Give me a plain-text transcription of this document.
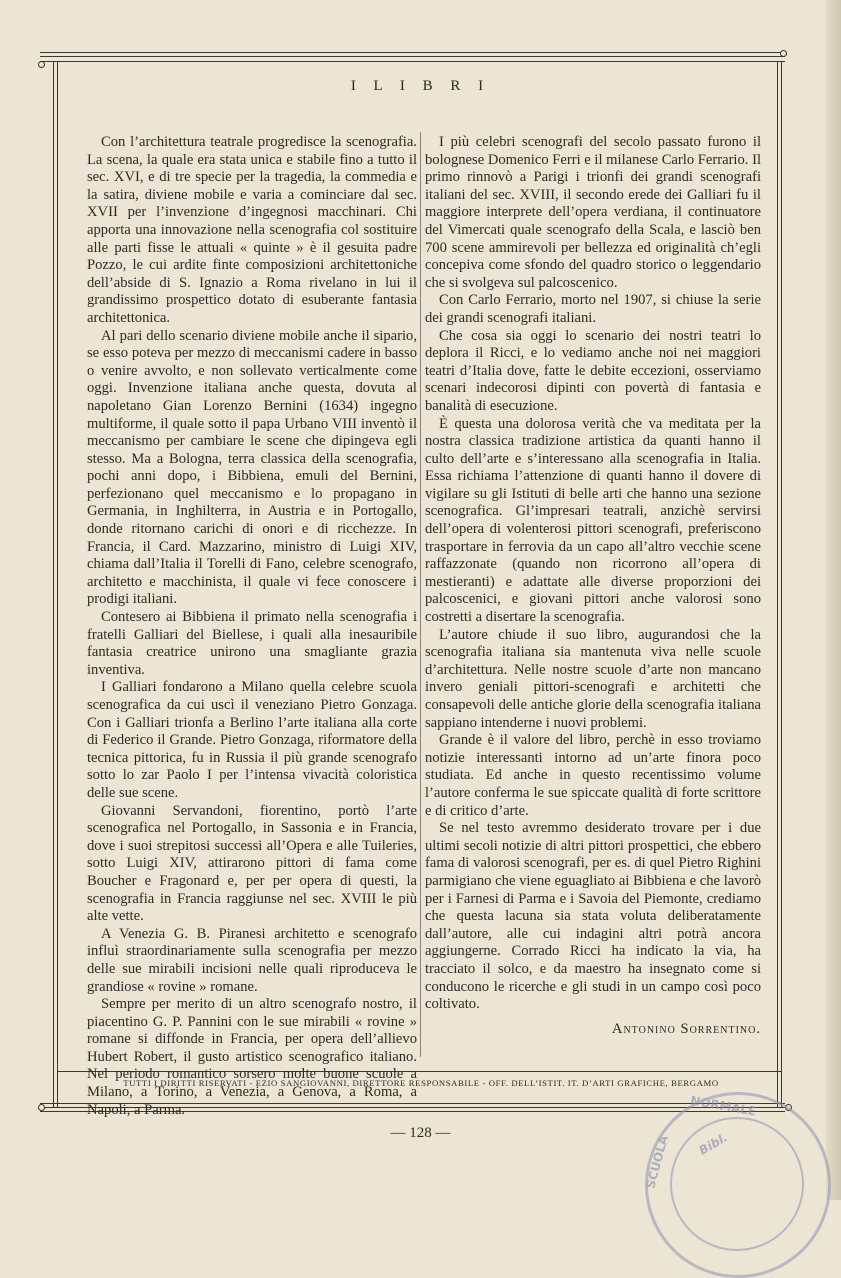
I L I B R I

Con l’architettura teatrale progredisce la scenografia. La scena, la quale era stata unica e stabile fino a tutto il sec. XVI, e di tre specie per la tragedia, la commedia e la satira, diviene mobile e varia a cominciare dal sec. XVII per l’invenzione d’ingegnosi macchinari. Chi apporta una innovazione nella scenografia col sostituire alle parti fisse le attuali « quinte » è il gesuita padre Pozzo, le cui ardite finte composizioni architettoniche dell’abside di S. Ignazio a Roma rivelano in lui il grandissimo prospettico dotato di esuberante fantasia architettonica.

Al pari dello scenario diviene mobile anche il sipario, se esso poteva per mezzo di meccanismi cadere in basso o venire avvolto, e non sollevato verticalmente come oggi. Invenzione italiana anche questa, dovuta al napoletano Gian Lorenzo Bernini (1634) ingegno multiforme, il quale sotto il papa Urbano VIII inventò il meccanismo per cambiare le scene che dipingeva egli stesso. Ma a Bologna, terra classica della scenografia, pochi anni dopo, i Bibbiena, emuli del Bernini, perfezionano quel meccanismo e lo propagano in Germania, in Inghilterra, in Austria e in Portogallo, donde ritornano carichi di onori e di ricchezze. In Francia, il Card. Mazzarino, ministro di Luigi XIV, chiama dall’Italia il Torelli di Fano, celebre scenografo, architetto e macchinista, il quale vi fece conoscere i prodigi italiani.

Contesero ai Bibbiena il primato nella scenografia i fratelli Galliari del Biellese, i quali alla inesauribile fantasia creatrice unirono una smagliante grazia inventiva.

I Galliari fondarono a Milano quella celebre scuola scenografica da cui uscì il veneziano Pietro Gonzaga. Con i Galliari trionfa a Berlino l’arte italiana alla corte di Federico il Grande. Pietro Gonzaga, riformatore della tecnica pittorica, fu in Russia il più grande scenografo sotto lo zar Paolo I per l’intensa vivacità coloristica delle sue scene.

Giovanni Servandoni, fiorentino, portò l’arte scenografica nel Portogallo, in Sassonia e in Francia, dove i suoi strepitosi successi all’Opera e alle Tuileries, sotto Luigi XIV, attirarono pittori di fama come Boucher e Fragonard e, per per opera di questi, la scenografia in Francia raggiunse nel sec. XVIII le più alte vette.

A Venezia G. B. Piranesi architetto e scenografo influì straordinariamente sulla scenografia per mezzo delle sue mirabili incisioni nelle quali riproduceva le grandiose « rovine » romane.

Sempre per merito di un altro scenografo nostro, il piacentino G. P. Pannini con le sue mirabili « rovine » romane si diffonde in Francia, per opera dell’allievo Hubert Robert, il gusto artistico scenografico italiano. Nel periodo romantico sorsero molte buone scuole a Milano, a Torino, a Venezia, a Genova, a Roma, a Napoli, a Parma.

I più celebri scenografi del secolo passato furono il bolognese Domenico Ferri e il milanese Carlo Ferrario. Il primo rinnovò a Parigi i trionfi dei grandi scenografi italiani del sec. XVIII, il secondo erede dei Galliari fu il maggiore interprete dell’opera verdiana, il continuatore del Vimercati quale scenografo della Scala, e lasciò ben 700 scene ammirevoli per bellezza ed originalità ch’egli concepiva come sfondo del quadro storico o leggendario che si svolgeva sul palcoscenico.

Con Carlo Ferrario, morto nel 1907, si chiuse la serie dei grandi scenografi italiani.

Che cosa sia oggi lo scenario dei nostri teatri lo deplora il Ricci, e lo vediamo anche noi nei maggiori teatri d’Italia dove, fatte le debite eccezioni, osserviamo scenari indecorosi dipinti con povertà di fantasia e banalità di esecuzione.

È questa una dolorosa verità che va meditata per la nostra classica tradizione artistica da quanti hanno il culto dell’arte e s’interessano alla scenografia in Italia. Essa richiama l’attenzione di quanti hanno il dovere di vigilare su gli Istituti di belle arti che hanno una sezione scenografica. Gl’impresari teatrali, anzichè servirsi dell’opera di volenterosi pittori scenografi, preferiscono trasportare in ferrovia da un capo all’altro vecchie scene raffazzonate (quando non ricorrono all’opera di mestieranti) e adattate alle diverse proporzioni dei palcoscenici, e giovani pittori anche valorosi sono costretti a disertare la scenografia.

L’autore chiude il suo libro, augurandosi che la scenografia italiana sia mantenuta viva nelle scuole d’architettura. Nelle nostre scuole d’arte non mancano invero geniali pittori-scenografi e architetti che consapevoli delle antiche glorie della scenografia italiana sappiano intenderne i nuovi problemi.

Grande è il valore del libro, perchè in esso troviamo notizie interessanti intorno ad un’arte finora poco studiata. Ed anche in questo recentissimo volume l’autore conferma le sue spiccate qualità di forte scrittore e di critico d’arte.

Se nel testo avremmo desiderato trovare per i due ultimi secoli notizie di altri pittori prospettici, che ebbero fama di valorosi scenografi, per es. di quel Pietro Righini parmigiano che viene eguagliato ai Bibbiena e che lavorò per i Farnesi di Parma e i Savoia del Piemonte, crediamo che questa lacuna sia stata voluta deliberatamente dall’autore, alle cui indagini altri potrà ancora aggiungerne. Corrado Ricci ha indicato la via, ha tracciato il solco, e da maestro ha insegnato come si conducono le ricerche e gli studi in un campo così poco coltivato.

Antonino Sorrentino.
TUTTI I DIRITTI RISERVATI - EZIO SANGIOVANNI, DIRETTORE RESPONSABILE - OFF. DELL’ISTIT. IT. D’ARTI GRAFICHE, BERGAMO
— 128 —
NORMALE
SCUOLA Bibl.
